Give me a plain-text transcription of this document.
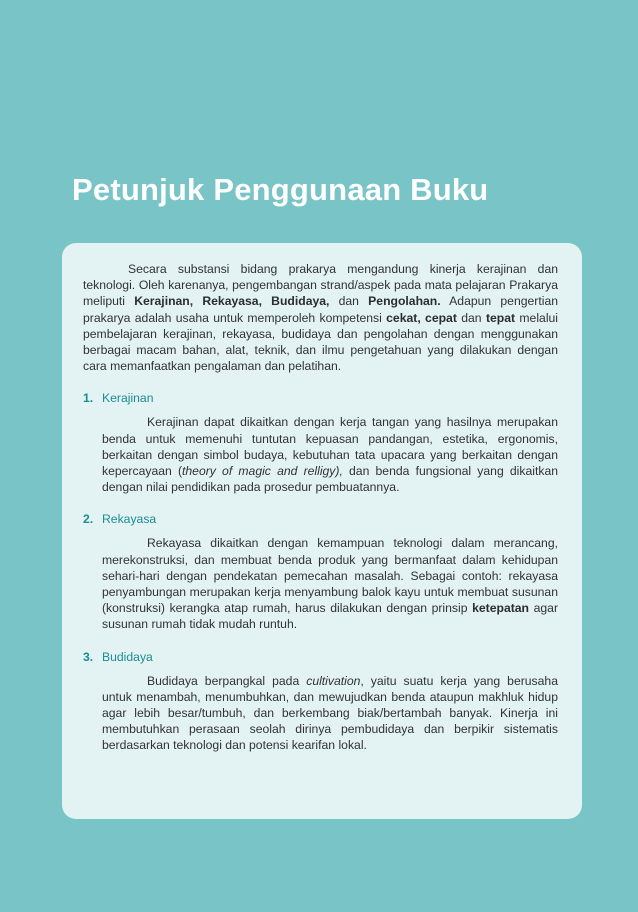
Petunjuk Penggunaan Buku

Secara substansi bidang prakarya mengandung kinerja kerajinan dan teknologi. Oleh karenanya, pengembangan strand/aspek pada mata pelajaran Prakarya meliputi Kerajinan, Rekayasa, Budidaya, dan Pengolahan. Adapun pengertian prakarya adalah usaha untuk memperoleh kompetensi cekat, cepat dan tepat melalui pembelajaran kerajinan, rekayasa, budidaya dan pengolahan dengan menggunakan berbagai macam bahan, alat, teknik, dan ilmu pengetahuan yang dilakukan dengan cara memanfaatkan pengalaman dan pelatihan.

1. Kerajinan

Kerajinan dapat dikaitkan dengan kerja tangan yang hasilnya merupakan benda untuk memenuhi tuntutan kepuasan pandangan, estetika, ergonomis, berkaitan dengan simbol budaya, kebutuhan tata upacara yang berkaitan dengan kepercayaan (theory of magic and relligy), dan benda fungsional yang dikaitkan dengan nilai pendidikan pada prosedur pembuatannya.

2. Rekayasa

Rekayasa dikaitkan dengan kemampuan teknologi dalam merancang, merekonstruksi, dan membuat benda produk yang bermanfaat dalam kehidupan sehari-hari dengan pendekatan pemecahan masalah. Sebagai contoh: rekayasa penyambungan merupakan kerja menyambung balok kayu untuk membuat susunan (konstruksi) kerangka atap rumah, harus dilakukan dengan prinsip ketepatan agar susunan rumah tidak mudah runtuh.

3. Budidaya

Budidaya berpangkal pada cultivation, yaitu suatu kerja yang berusaha untuk menambah, menumbuhkan, dan mewujudkan benda ataupun makhluk hidup agar lebih besar/tumbuh, dan berkembang biak/bertambah banyak. Kinerja ini membutuhkan perasaan seolah dirinya pembudidaya dan berpikir sistematis berdasarkan teknologi dan potensi kearifan lokal.
